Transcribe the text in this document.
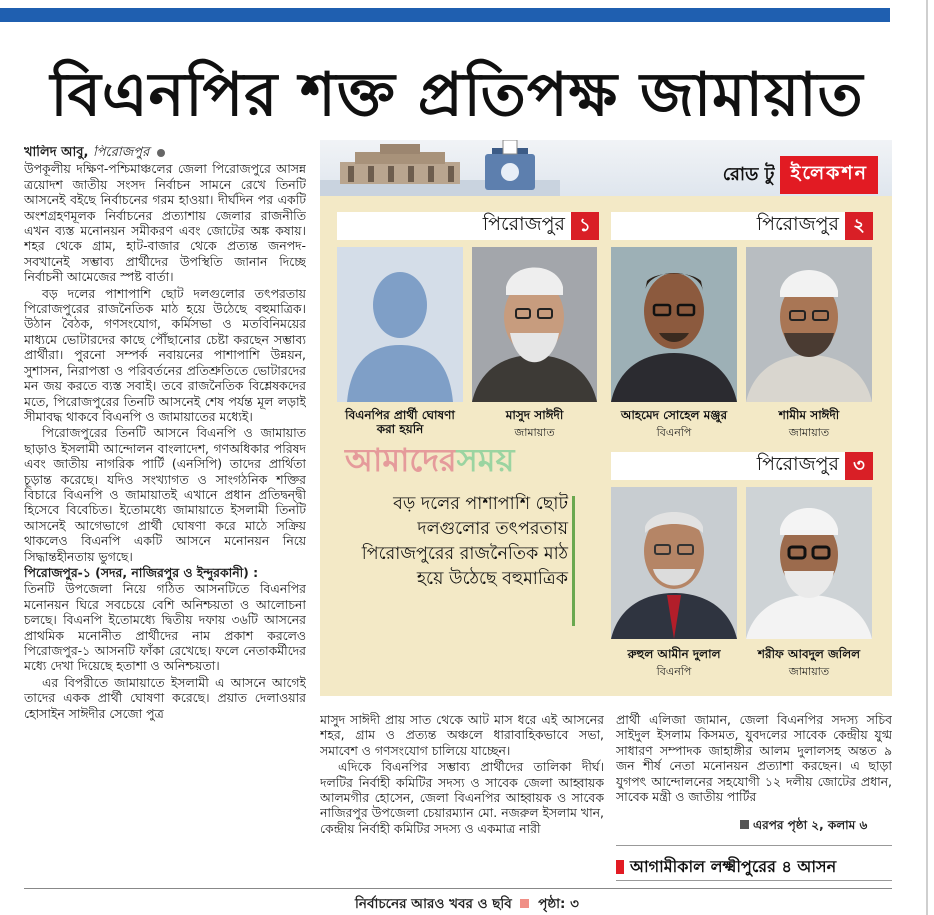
বিএনপির শক্ত প্রতিপক্ষ জামায়াত

খালিদ আবু, পিরোজপুর

উপকূলীয় দক্ষিণ-পশ্চিমাঞ্চলের জেলা পিরোজপুরে আসন্ন ত্রয়োদশ জাতীয় সংসদ নির্বাচন সামনে রেখে তিনটি আসনেই বইছে নির্বাচনের গরম হাওয়া। দীর্ঘদিন পর একটি অংশগ্রহণমূলক নির্বাচনের প্রত্যাশায় জেলার রাজনীতি এখন ব্যস্ত মনোনয়ন সমীকরণ এবং জোটের অঙ্ক কষায়। শহর থেকে গ্রাম, হাট-বাজার থেকে প্রত্যন্ত জনপদ- সবখানেই সম্ভাব্য প্রার্থীদের উপস্থিতি জানান দিচ্ছে নির্বাচনী আমেজের স্পষ্ট বার্তা।

বড় দলের পাশাপাশি ছোট দলগুলোর তৎপরতায় পিরোজপুরের রাজনৈতিক মাঠ হয়ে উঠেছে বহুমাত্রিক। উঠান বৈঠক, গণসংযোগ, কর্মিসভা ও মতবিনিময়ের মাধ্যমে ভোটারদের কাছে পৌঁছানোর চেষ্টা করছেন সম্ভাব্য প্রার্থীরা। পুরনো সম্পর্ক নবায়নের পাশাপাশি উন্নয়ন, সুশাসন, নিরাপত্তা ও পরিবর্তনের প্রতিশ্রুতিতে ভোটারদের মন জয় করতে ব্যস্ত সবাই। তবে রাজনৈতিক বিশ্লেষকদের মতে, পিরোজপুরের তিনটি আসনেই শেষ পর্যন্ত মূল লড়াই সীমাবদ্ধ থাকবে বিএনপি ও জামায়াতের মধ্যেই।

পিরোজপুরের তিনটি আসনে বিএনপি ও জামায়াত ছাড়াও ইসলামী আন্দোলন বাংলাদেশ, গণঅধিকার পরিষদ এবং জাতীয় নাগরিক পার্টি (এনসিপি) তাদের প্রার্থিতা চূড়ান্ত করেছে। যদিও সংখ্যাগত ও সাংগঠনিক শক্তির বিচারে বিএনপি ও জামায়াতই এখানে প্রধান প্রতিদ্বন্দ্বী হিসেবে বিবেচিত। ইতোমধ্যে জামায়াতে ইসলামী তিনটি আসনেই আগেভাগে প্রার্থী ঘোষণা করে মাঠে সক্রিয় থাকলেও বিএনপি একটি আসনে মনোনয়ন নিয়ে সিদ্ধান্তহীনতায় ভুগছে।

পিরোজপুর-১ (সদর, নাজিরপুর ও ইন্দুরকানী) :

তিনটি উপজেলা নিয়ে গঠিত আসনটিতে বিএনপির মনোনয়ন ঘিরে সবচেয়ে বেশি অনিশ্চয়তা ও আলোচনা চলছে। বিএনপি ইতোমধ্যে দ্বিতীয় দফায় ৩৬টি আসনের প্রাথমিক মনোনীত প্রার্থীদের নাম প্রকাশ করলেও পিরোজপুর-১ আসনটি ফাঁকা রেখেছে। ফলে নেতাকর্মীদের মধ্যে দেখা দিয়েছে হতাশা ও অনিশ্চয়তা।

এর বিপরীতে জামায়াতে ইসলামী এ আসনে আগেই তাদের একক প্রার্থী ঘোষণা করেছে। প্রয়াত দেলাওয়ার হোসাইন সাঈদীর সেজো পুত্র

রোড টু ইলেকশন
পিরোজপুর ১	পিরোজপুর ২
পিরোজপুর ৩
বিএনপির প্রার্থী ঘোষণা করা হয়নি
মাসুদ সাঈদী
জামায়াত
আহমেদ সোহেল মঞ্জুর
বিএনপি
শামীম সাঈদী
জামায়াত
রুহুল আমীন দুলাল
বিএনপি
শরীফ আবদুল জলিল
জামায়াত
আমাদেরসময়
বড় দলের পাশাপাশি ছোট দলগুলোর তৎপরতায় পিরোজপুরের রাজনৈতিক মাঠ হয়ে উঠেছে বহুমাত্রিক

মাসুদ সাঈদী প্রায় সাত থেকে আট মাস ধরে এই আসনের শহর, গ্রাম ও প্রত্যন্ত অঞ্চলে ধারাবাহিকভাবে সভা, সমাবেশ ও গণসংযোগ চালিয়ে যাচ্ছেন।

এদিকে বিএনপির সম্ভাব্য প্রার্থীদের তালিকা দীর্ঘ। দলটির নির্বাহী কমিটির সদস্য ও সাবেক জেলা আহ্বায়ক আলমগীর হোসেন, জেলা বিএনপির আহ্বায়ক ও সাবেক নাজিরপুর উপজেলা চেয়ারম্যান মো. নজরুল ইসলাম খান, কেন্দ্রীয় নির্বাহী কমিটির সদস্য ও একমাত্র নারী

প্রার্থী এলিজা জামান, জেলা বিএনপির সদস্য সচিব সাইদুল ইসলাম কিসমত, যুবদলের সাবেক কেন্দ্রীয় যুগ্ম সাধারণ সম্পাদক জাহাঙ্গীর আলম দুলালসহ অন্তত ৯ জন শীর্ষ নেতা মনোনয়ন প্রত্যাশা করছেন। এ ছাড়া যুগপৎ আন্দোলনের সহযোগী ১২ দলীয় জোটের প্রধান, সাবেক মন্ত্রী ও জাতীয় পার্টির

এরপর পৃষ্ঠা ২, কলাম ৬
আগামীকাল লক্ষ্মীপুরের ৪ আসন
নির্বাচনের আরও খবর ও ছবি পৃষ্ঠা: ৩
